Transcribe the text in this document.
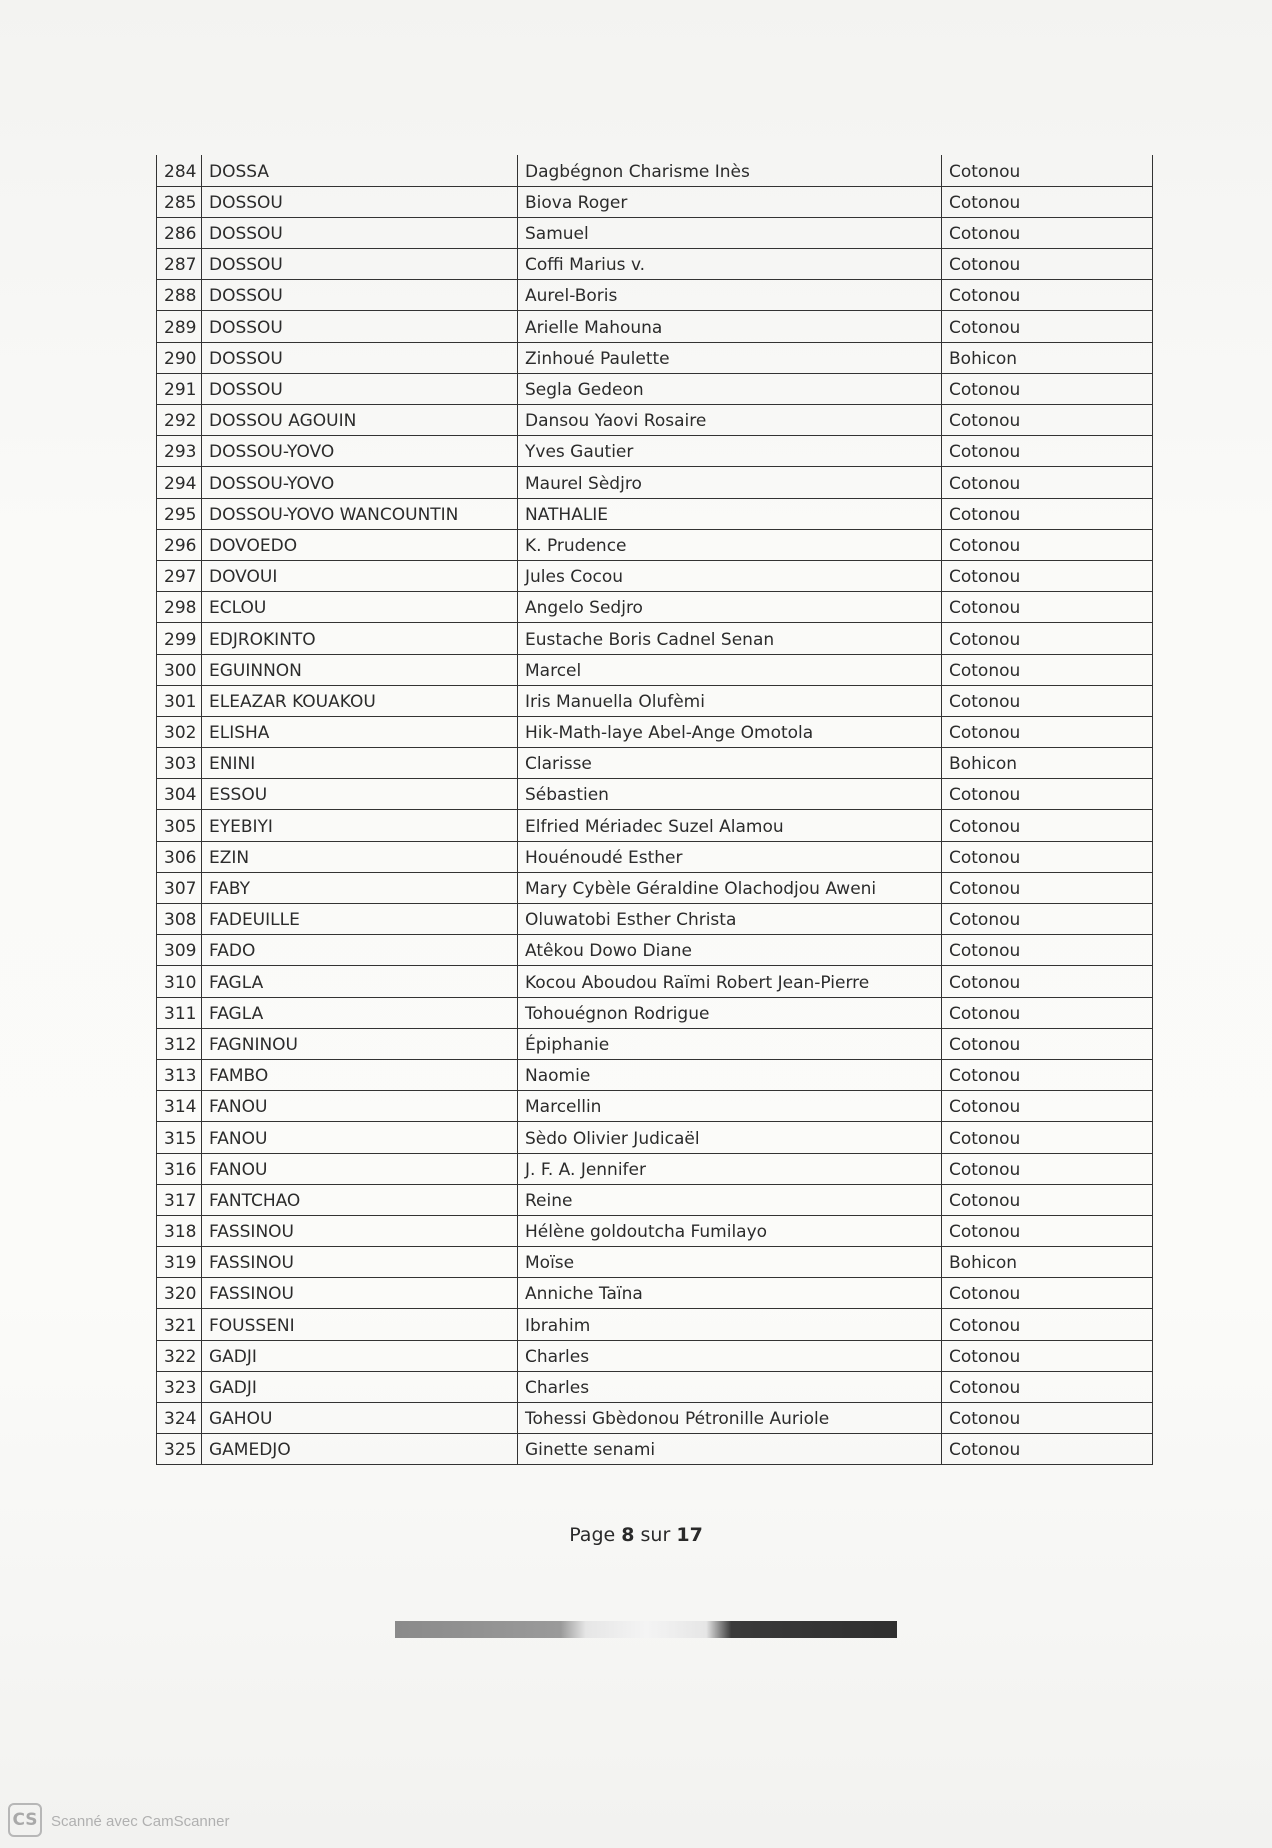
284	DOSSA	Dagbégnon Charisme Inès	Cotonou
285	DOSSOU	Biova Roger	Cotonou
286	DOSSOU	Samuel	Cotonou
287	DOSSOU	Coffi Marius v.	Cotonou
288	DOSSOU	Aurel-Boris	Cotonou
289	DOSSOU	Arielle Mahouna	Cotonou
290	DOSSOU	Zinhoué Paulette	Bohicon
291	DOSSOU	Segla Gedeon	Cotonou
292	DOSSOU AGOUIN	Dansou Yaovi Rosaire	Cotonou
293	DOSSOU-YOVO	Yves Gautier	Cotonou
294	DOSSOU-YOVO	Maurel Sèdjro	Cotonou
295	DOSSOU-YOVO WANCOUNTIN	NATHALIE	Cotonou
296	DOVOEDO	K. Prudence	Cotonou
297	DOVOUI	Jules Cocou	Cotonou
298	ECLOU	Angelo Sedjro	Cotonou
299	EDJROKINTO	Eustache Boris Cadnel Senan	Cotonou
300	EGUINNON	Marcel	Cotonou
301	ELEAZAR KOUAKOU	Iris Manuella Olufèmi	Cotonou
302	ELISHA	Hik-Math-laye Abel-Ange Omotola	Cotonou
303	ENINI	Clarisse	Bohicon
304	ESSOU	Sébastien	Cotonou
305	EYEBIYI	Elfried Mériadec Suzel Alamou	Cotonou
306	EZIN	Houénoudé Esther	Cotonou
307	FABY	Mary Cybèle Géraldine Olachodjou Aweni	Cotonou
308	FADEUILLE	Oluwatobi Esther Christa	Cotonou
309	FADO	Atêkou Dowo Diane	Cotonou
310	FAGLA	Kocou Aboudou Raïmi Robert Jean-Pierre	Cotonou
311	FAGLA	Tohouégnon Rodrigue	Cotonou
312	FAGNINOU	Épiphanie	Cotonou
313	FAMBO	Naomie	Cotonou
314	FANOU	Marcellin	Cotonou
315	FANOU	Sèdo Olivier Judicaël	Cotonou
316	FANOU	J. F. A. Jennifer	Cotonou
317	FANTCHAO	Reine	Cotonou
318	FASSINOU	Hélène goldoutcha Fumilayo	Cotonou
319	FASSINOU	Moïse	Bohicon
320	FASSINOU	Anniche Taïna	Cotonou
321	FOUSSENI	Ibrahim	Cotonou
322	GADJI	Charles	Cotonou
323	GADJI	Charles	Cotonou
324	GAHOU	Tohessi Gbèdonou Pétronille Auriole	Cotonou
325	GAMEDJO	Ginette senami	Cotonou
Page 8 sur 17
CS Scanné avec CamScanner
